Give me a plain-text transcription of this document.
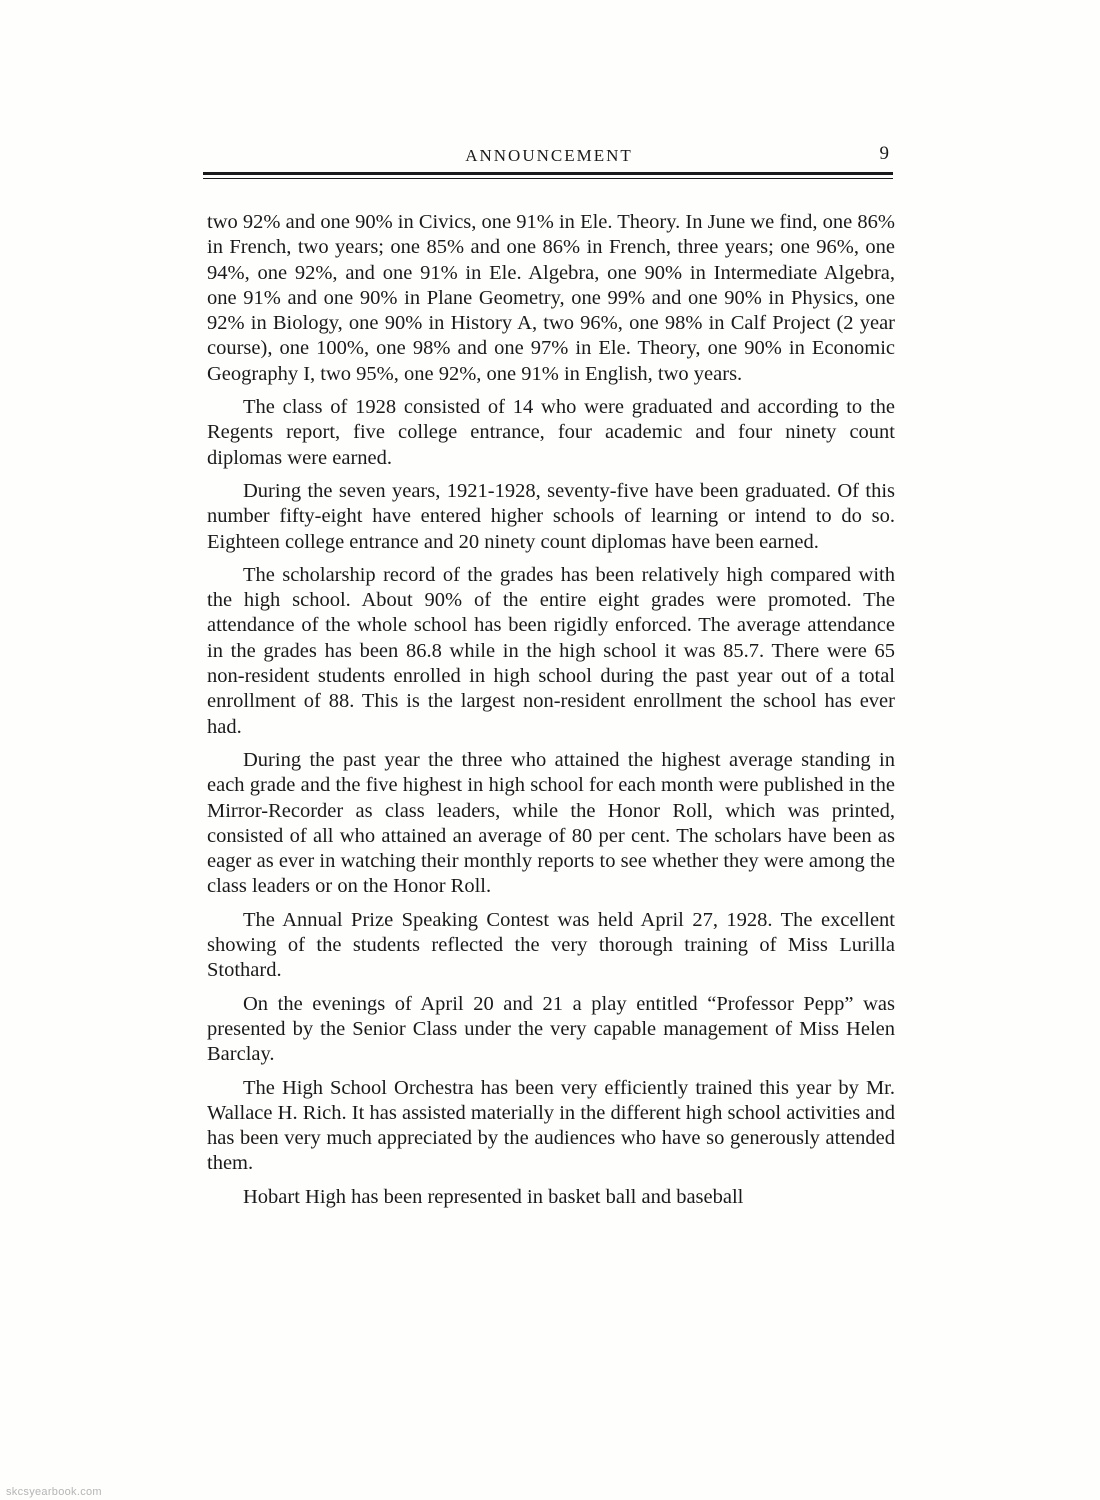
ANNOUNCEMENT	9

two 92% and one 90% in Civics, one 91% in Ele. Theory. In June we find, one 86% in French, two years; one 85% and one 86% in French, three years; one 96%, one 94%, one 92%, and one 91% in Ele. Algebra, one 90% in Intermediate Algebra, one 91% and one 90% in Plane Geometry, one 99% and one 90% in Physics, one 92% in Biology, one 90% in History A, two 96%, one 98% in Calf Project (2 year course), one 100%, one 98% and one 97% in Ele. Theory, one 90% in Economic Geography I, two 95%, one 92%, one 91% in English, two years.

The class of 1928 consisted of 14 who were graduated and according to the Regents report, five college entrance, four academic and four ninety count diplomas were earned.

During the seven years, 1921-1928, seventy-five have been graduated. Of this number fifty-eight have entered higher schools of learning or intend to do so. Eighteen college entrance and 20 ninety count diplomas have been earned.

The scholarship record of the grades has been relatively high compared with the high school. About 90% of the entire eight grades were promoted. The attendance of the whole school has been rigidly enforced. The average attendance in the grades has been 86.8 while in the high school it was 85.7. There were 65 non-resident students enrolled in high school during the past year out of a total enrollment of 88. This is the largest non-resident enrollment the school has ever had.

During the past year the three who attained the highest average standing in each grade and the five highest in high school for each month were published in the Mirror-Recorder as class leaders, while the Honor Roll, which was printed, consisted of all who attained an average of 80 per cent. The scholars have been as eager as ever in watching their monthly reports to see whether they were among the class leaders or on the Honor Roll.

The Annual Prize Speaking Contest was held April 27, 1928. The excellent showing of the students reflected the very thorough training of Miss Lurilla Stothard.

On the evenings of April 20 and 21 a play entitled “Professor Pepp” was presented by the Senior Class under the very capable management of Miss Helen Barclay.

The High School Orchestra has been very efficiently trained this year by Mr. Wallace H. Rich. It has assisted materially in the different high school activities and has been very much appreciated by the audiences who have so generously attended them.

Hobart High has been represented in basket ball and baseball

skcsyearbook.com
